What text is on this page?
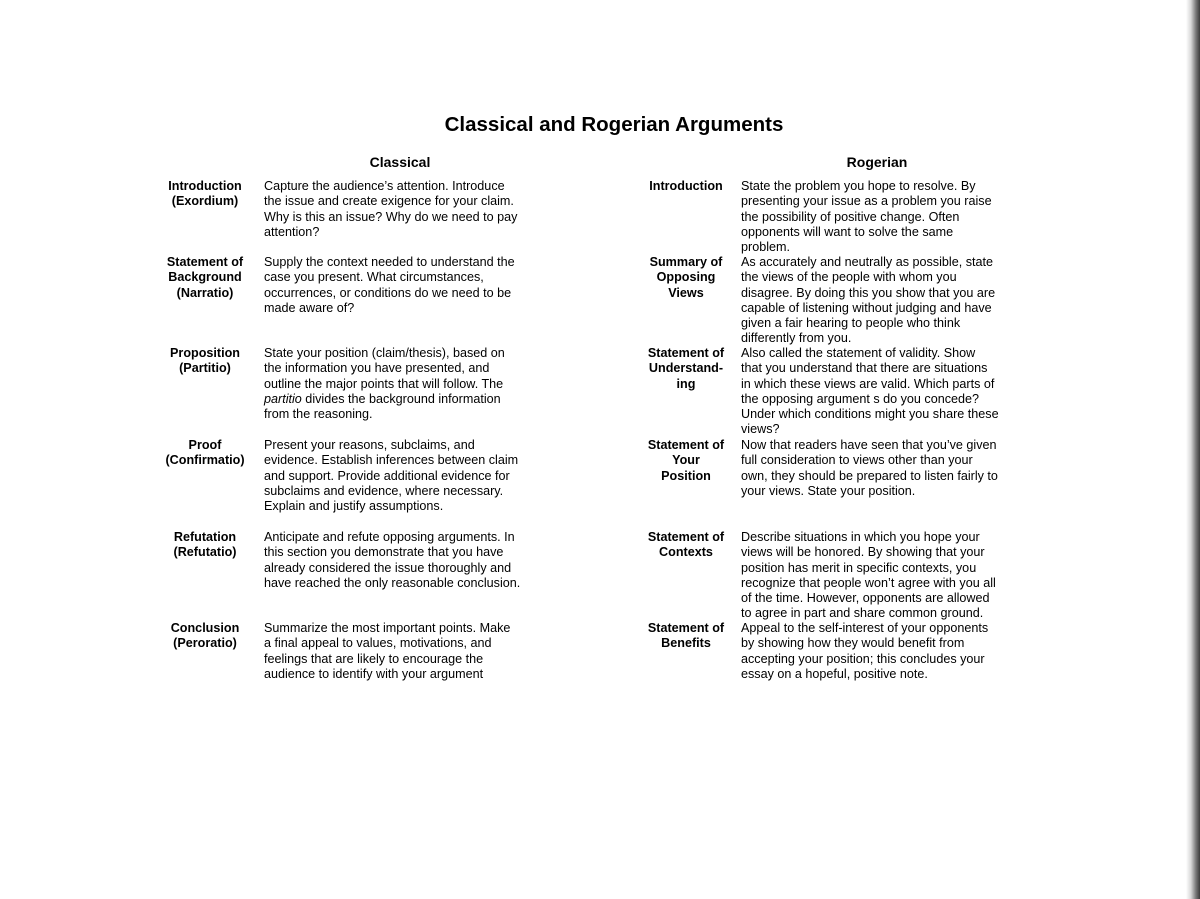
Classical and Rogerian Arguments
Classical	Rogerian
Introduction
(Exordium)
Capture the audience’s attention. Introduce
the issue and create exigence for your claim.
Why is this an issue? Why do we need to pay
attention?
Statement of
Background
(Narratio)
Supply the context needed to understand the
case you present. What circumstances,
occurrences, or conditions do we need to be
made aware of?
Proposition
(Partitio)
State your position (claim/thesis), based on
the information you have presented, and
outline the major points that will follow. The
partitio divides the background information
from the reasoning.
Proof
(Confirmatio)
Present your reasons, subclaims, and
evidence. Establish inferences between claim
and support. Provide additional evidence for
subclaims and evidence, where necessary.
Explain and justify assumptions.
Refutation
(Refutatio)
Anticipate and refute opposing arguments. In
this section you demonstrate that you have
already considered the issue thoroughly and
have reached the only reasonable conclusion.
Conclusion
(Peroratio)
Summarize the most important points. Make
a final appeal to values, motivations, and
feelings that are likely to encourage the
audience to identify with your argument
Introduction	State the problem you hope to resolve. By
presenting your issue as a problem you raise
the possibility of positive change. Often
opponents will want to solve the same
problem.
Summary of
Opposing
Views
As accurately and neutrally as possible, state
the views of the people with whom you
disagree. By doing this you show that you are
capable of listening without judging and have
given a fair hearing to people who think
differently from you.
Statement of
Understand-
ing
Also called the statement of validity. Show
that you understand that there are situations
in which these views are valid. Which parts of
the opposing argument s do you concede?
Under which conditions might you share these
views?
Statement of
Your
Position
Now that readers have seen that you’ve given
full consideration to views other than your
own, they should be prepared to listen fairly to
your views. State your position.
Statement of
Contexts
Describe situations in which you hope your
views will be honored. By showing that your
position has merit in specific contexts, you
recognize that people won’t agree with you all
of the time. However, opponents are allowed
to agree in part and share common ground.
Statement of
Benefits
Appeal to the self-interest of your opponents
by showing how they would benefit from
accepting your position; this concludes your
essay on a hopeful, positive note.
